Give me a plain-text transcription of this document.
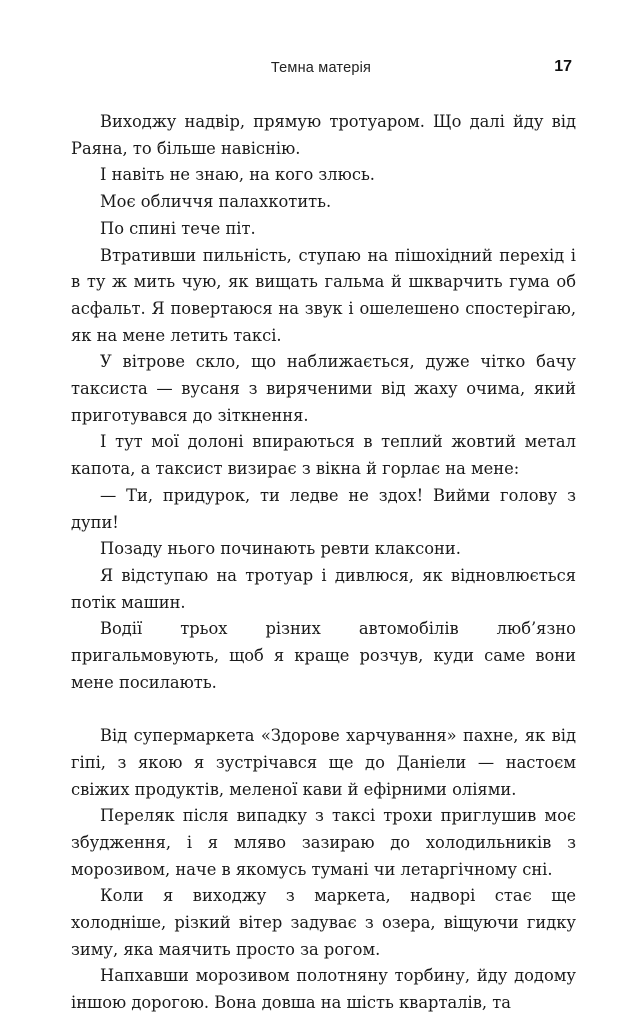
Темна матерія	17

Виходжу надвір, прямую тротуаром. Що далі йду від Раяна, то більше навіснію.

І навіть не знаю, на кого злюсь.

Моє обличчя палахкотить.

По спині тече піт.

Втративши пильність, ступаю на пішохідний перехід і в ту ж мить чую, як вищать гальма й шкварчить гума об асфальт. Я повертаюся на звук і ошелешено спостерігаю, як на мене летить таксі.

У вітрове скло, що наближається, дуже чітко бачу таксиста — вусаня з виряченими від жаху очима, який приготувався до зіткнення.

І тут мої долоні впираються в теплий жовтий метал капота, а таксист визирає з вікна й горлає на мене:

— Ти, придурок, ти ледве не здох! Вийми голову з дупи!

Позаду нього починають ревти клаксони.

Я відступаю на тротуар і дивлюся, як відновлюється потік машин.

Водії трьох різних автомобілів люб’язно пригальмовують, щоб я краще розчув, куди саме вони мене посилають.

Від супермаркета «Здорове харчування» пахне, як від гіпі, з якою я зустрічався ще до Даніели — настоєм свіжих продуктів, меленої кави й ефірними оліями.

Переляк після випадку з таксі трохи приглушив моє збудження, і я мляво зазираю до холодильників з морозивом, наче в якомусь тумані чи летаргічному сні.

Коли я виходжу з маркета, надворі стає ще холодніше, різкий вітер задуває з озера, віщуючи гидку зиму, яка маячить просто за рогом.

Напхавши морозивом полотняну торбину, йду додому іншою дорогою. Вона довша на шість кварталів, та
